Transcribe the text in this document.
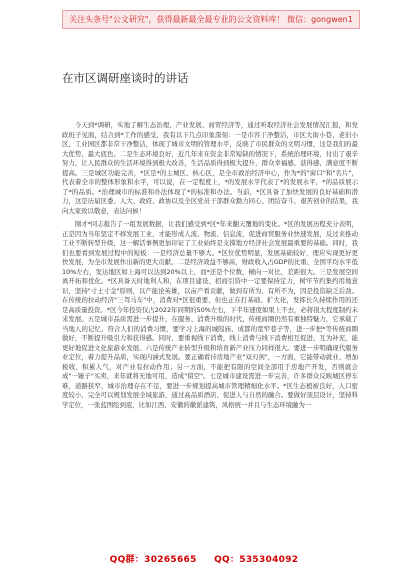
关注头条号"公文研究"，获得最新最全最专业的公文资料库！ 微信：gongwen1
在市区调研座谈时的讲话

今天到*调研，实地了解生态治理、产业发展、商贸经济等，通过听取经济社会发展情况汇报，和党政班子见面，结合到*工作的感受，我有以下几点印象深刻：一是市容干净整洁，市区大街小巷、老旧小区，工业园区都非常干净整洁，体现了城市文明的管理水平，反映了市民群众的文明习惯，这是我们的最大优势、最大底色。二是生态环境良好，近几年来在资金非常短缺的情况下，系统治理环境，付出了艰辛努力，让人民群众的生活环境得到极大改善，生活品质得到极大提升，群众幸福感、获得感、满意度不断提高。三是城区功能完善，*区是*的主城区、核心区，是全市政治经济中心，作为*的"窗口"和"名片"，代表着全市的整体形象和水平，可以说，在一定程度上，*的发展水平代表了*的发展水平，*的品质展示了*的品质。*治理城市的标准和办法体现了*的标准和办法。当前，*区具备了加快发展的良好基础和潜力，这是历届区委、人大、政府、政协以及全区党员干部群众勠力同心、团结奋斗、艰苦创业的结果，我向大家致以敬意，表达问候！

刚才*同志报告了一组发展数据，让我们感受到*区*年来翻天覆地的变化。*区的发展历程充分表明，正是因为当年坚定不移发展工业，才能形成人流、物流、信息流，促进商贸服务业快速发展，反过来推动工业不断转型升级，这一解活事例更加印证了工业始终是支撑地方经济社会发展最重要的基础。同时，我们也要看到发展过程中的短板：一是经济总量不够大。*区位优势明显，发展基础较好，理应实现更好更快发展，为全市发展作出新的更大贡献。二是经济效益不够高，财政收入占GDP的比重、全国平均水平低10%左右，发达地区如上海可以达到20%以上，而*还是个位数，横向一对比，差距很大。三是发展空间离开拓和优化。*区具备天时地利人和，在项目建设、招商引资中一定要保持定力，树牢节约集约用地意识，坚持"寸土寸金"原则，以产能论英雄，以亩产看贡献，做到有所为、有所不为，因是投资缺乏后劲。在传统的拉动经济"三驾马车"中，消费对*区很重要，但也正在打基础、扩大化，发挥长久持续作用的还是高质量投资。*区今年投资仅占2022年同期的50%左右，下半年速度如果上不去，必将很大程度制约未来发展。五是城市品质需进一步提升，在服务、消费升级的时代，传统商圈仍然有重独特魅力，它承载了当地人的记忆，符合人们的消费习惯，要学习上海的城隍庙、成都的宽窄巷子等，进一步把*等传统商圈做好，不断提升吸引力和获得感。同时，要重视线下消费，线上消费与线下消费相互促进、互为补充，能更好地促进文化旅游业发展。六是传统产业转型升级和培育新产业压力同样很大。要进一步明确现代服务业定位，着力提升品质，实现内涵式发展。要正确看待房地产业"双刃剑"，一方面，它能带动就业、增加税收、积累人气，对产业有拉动作用；另一方面，不能把有限的空间全部用于房地产开发，否则就会成"一锤子"买卖，来年就将无地可用，造成"留空"。七是城市建设需进一步完善，许多群众反映城区停车难，道路狭窄，城市治理存在不足，要进一步规划提高城市管理精细化水平。*区生态植被良好，人口密度较小，完全可以规划发展全域旅游，通过高品质酒店、促进人与自然的融合。要做好顶层设计，坚持科学定位，一张蓝图绘到底，比如江西、安徽的徽派建筑，风格统一并且与生态环境融为一

QQ群：30265665 QQ：535304092
